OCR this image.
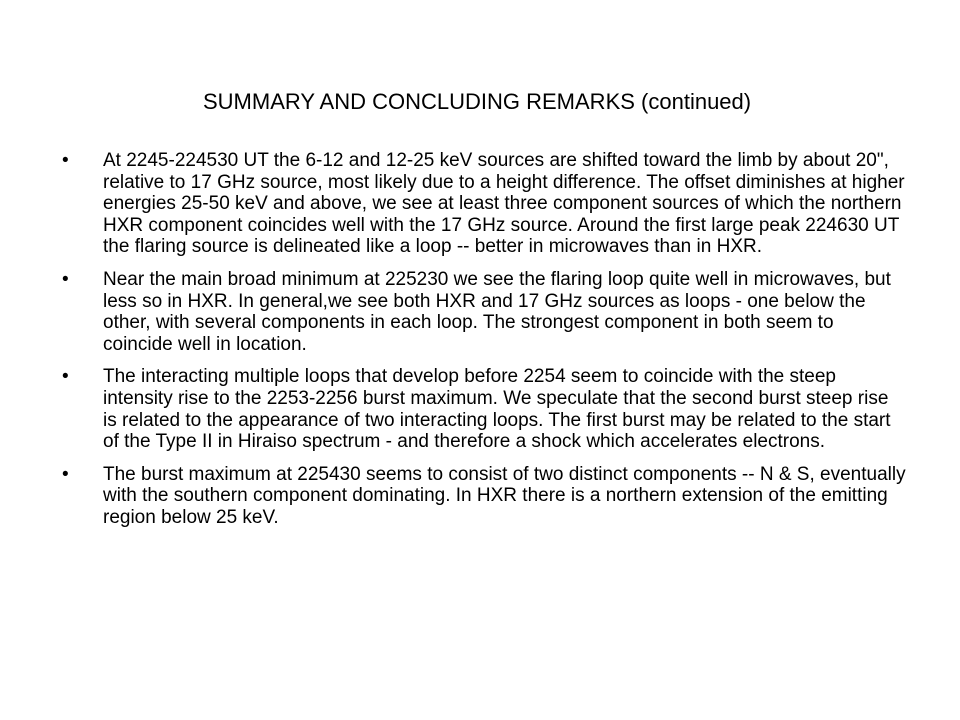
SUMMARY AND CONCLUDING REMARKS (continued)
• At 2245-224530 UT the 6-12 and 12-25 keV sources are shifted toward the limb by about 20", relative to 17 GHz source, most likely due to a height difference. The offset diminishes at higher energies 25-50 keV and above, we see at least three component sources of which the northern HXR component coincides well with the 17 GHz source. Around the first large peak 224630 UT the flaring source is delineated like a loop -- better in microwaves than in HXR.
• Near the main broad minimum at 225230 we see the flaring loop quite well in microwaves, but less so in HXR. In general,we see both HXR and 17 GHz sources as loops - one below the other, with several components in each loop. The strongest component in both seem to coincide well in location.
• The interacting multiple loops that develop before 2254 seem to coincide with the steep intensity rise to the 2253-2256 burst maximum. We speculate that the second burst steep rise is related to the appearance of two interacting loops. The first burst may be related to the start of the Type II in Hiraiso spectrum - and therefore a shock which accelerates electrons.
• The burst maximum at 225430 seems to consist of two distinct components -- N & S, eventually with the southern component dominating. In HXR there is a northern extension of the emitting region below 25 keV.
